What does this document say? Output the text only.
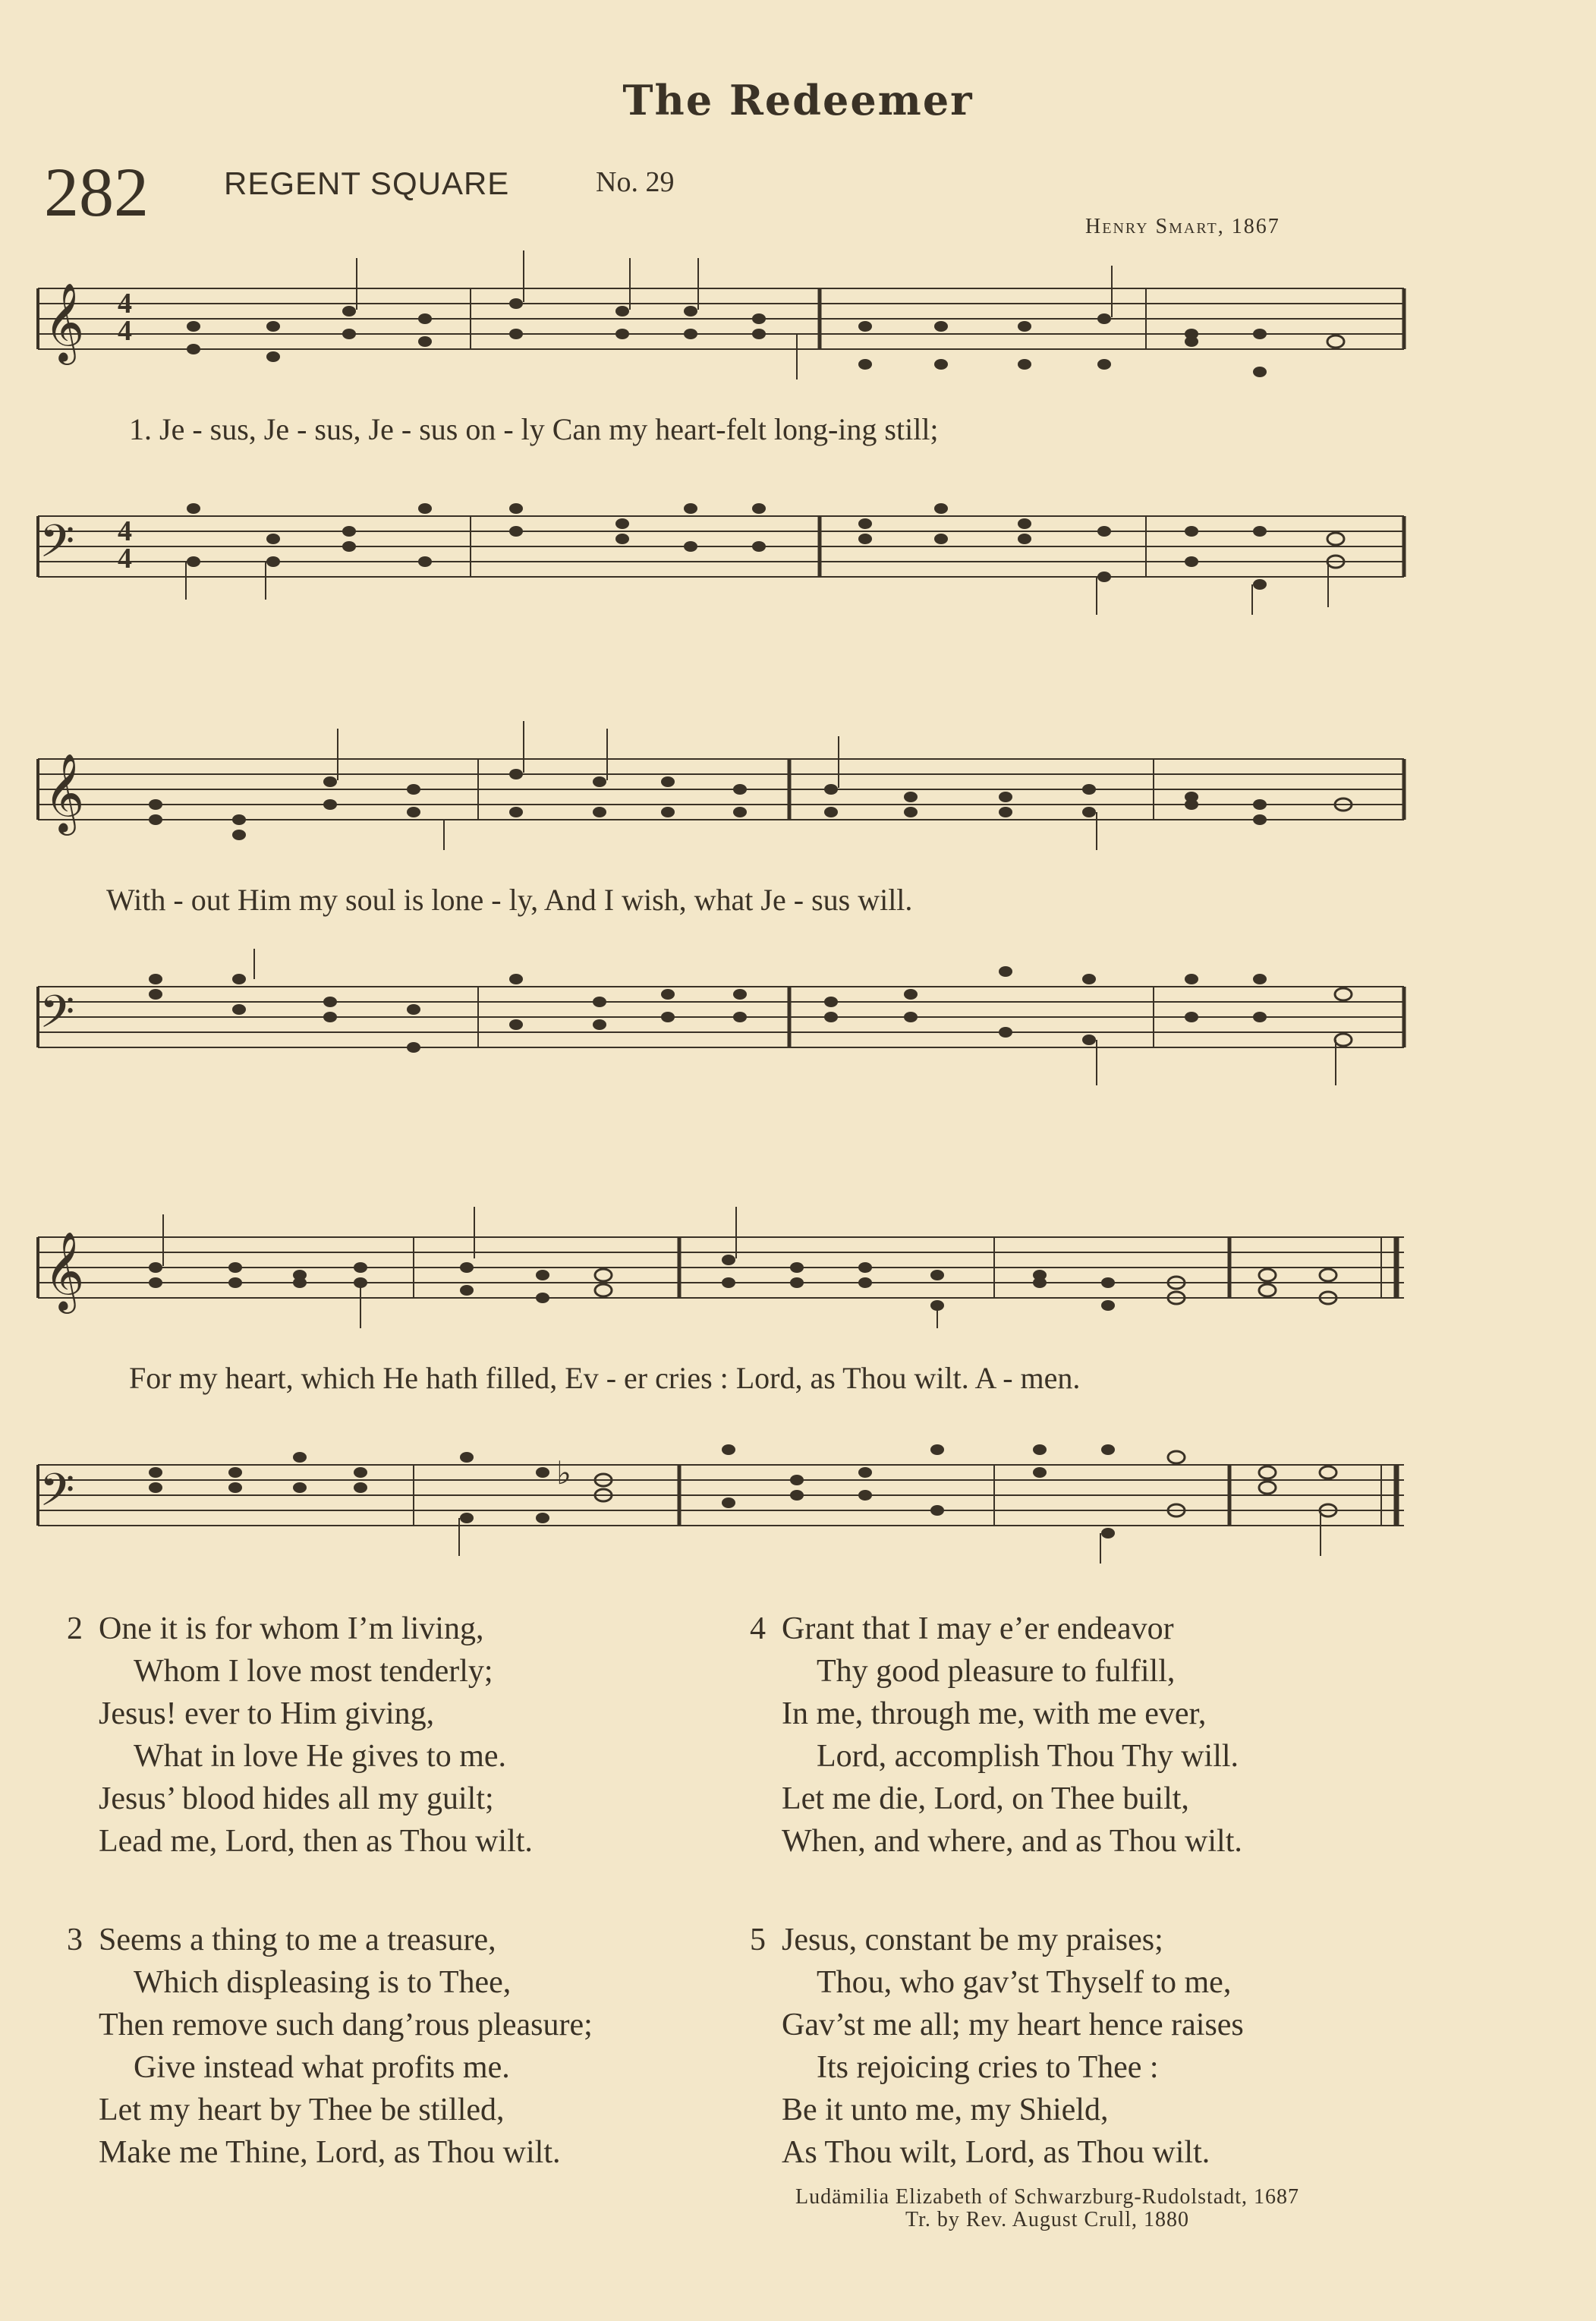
The Redeemer
282 REGENT SQUARE	No. 29
Henry Smart, 1867
𝄞 4
4
1. Je - sus, Je - sus, Je - sus on - ly Can my heart-felt long-ing still;
𝄢 4
4
𝄞
With - out Him my soul is lone - ly, And I wish, what Je - sus will.
𝄢
𝄞
For my heart, which He hath filled, Ev - er cries : Lord, as Thou wilt. A - men.
𝄢	♭
2 One it is for whom I’m living,
Whom I love most tenderly;
Jesus! ever to Him giving,
What in love He gives to me.
Jesus’ blood hides all my guilt;
Lead me, Lord, then as Thou wilt.
3 Seems a thing to me a treasure,
Which displeasing is to Thee,
Then remove such dang’rous pleasure;
Give instead what profits me.
Let my heart by Thee be stilled,
Make me Thine, Lord, as Thou wilt.
4 Grant that I may e’er endeavor
Thy good pleasure to fulfill,
In me, through me, with me ever,
Lord, accomplish Thou Thy will.
Let me die, Lord, on Thee built,
When, and where, and as Thou wilt.
5 Jesus, constant be my praises;
Thou, who gav’st Thyself to me,
Gav’st me all; my heart hence raises
Its rejoicing cries to Thee :
Be it unto me, my Shield,
As Thou wilt, Lord, as Thou wilt.
Ludämilia Elizabeth of Schwarzburg-Rudolstadt, 1687
Tr. by Rev. August Crull, 1880
